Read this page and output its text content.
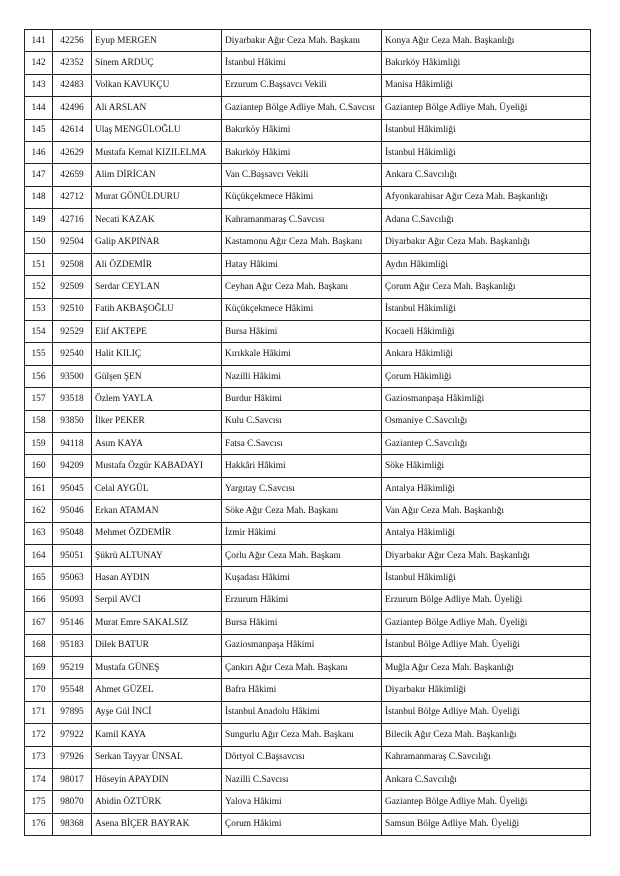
141	42256	Eyup MERGEN	Diyarbakır Ağır Ceza Mah. Başkanı	Konya Ağır Ceza Mah. Başkanlığı
142	42352	Sinem ARDUÇ	İstanbul Hâkimi	Bakırköy Hâkimliği
143	42483	Volkan KAVUKÇU	Erzurum C.Başsavcı Vekili	Manisa Hâkimliği
144	42496	Ali ARSLAN	Gaziantep Bölge Adliye Mah. C.Savcısı	Gaziantep Bölge Adliye Mah. Üyeliği
145	42614	Ulaş MENGÜLOĞLU	Bakırköy Hâkimi	İstanbul Hâkimliği
146	42629	Mustafa Kemal KIZILELMA	Bakırköy Hâkimi	İstanbul Hâkimliği
147	42659	Alim DİRİCAN	Van C.Başsavcı Vekili	Ankara C.Savcılığı
148	42712	Murat GÖNÜLDURU	Küçükçekmece Hâkimi	Afyonkarahisar Ağır Ceza Mah. Başkanlığı
149	42716	Necati KAZAK	Kahramanmaraş C.Savcısı	Adana C.Savcılığı
150	92504	Galip AKPINAR	Kastamonu Ağır Ceza Mah. Başkanı	Diyarbakır Ağır Ceza Mah. Başkanlığı
151	92508	Ali ÖZDEMİR	Hatay Hâkimi	Aydın Hâkimliği
152	92509	Serdar CEYLAN	Ceyhan Ağır Ceza Mah. Başkanı	Çorum Ağır Ceza Mah. Başkanlığı
153	92510	Fatih AKBAŞOĞLU	Küçükçekmece Hâkimi	İstanbul Hâkimliği
154	92529	Elif AKTEPE	Bursa Hâkimi	Kocaeli Hâkimliği
155	92540	Halit KILIÇ	Kırıkkale Hâkimi	Ankara Hâkimliği
156	93500	Gülşen ŞEN	Nazilli Hâkimi	Çorum Hâkimliği
157	93518	Özlem YAYLA	Burdur Hâkimi	Gaziosmanpaşa Hâkimliği
158	93850	İlker PEKER	Kulu C.Savcısı	Osmaniye C.Savcılığı
159	94118	Asım KAYA	Fatsa C.Savcısı	Gaziantep C.Savcılığı
160	94209	Mustafa Özgür KABADAYI	Hakkâri Hâkimi	Söke Hâkimliği
161	95045	Celal AYGÜL	Yargıtay C.Savcısı	Antalya Hâkimliği
162	95046	Erkan ATAMAN	Söke Ağır Ceza Mah. Başkanı	Van Ağır Ceza Mah. Başkanlığı
163	95048	Mehmet ÖZDEMİR	İzmir Hâkimi	Antalya Hâkimliği
164	95051	Şükrü ALTUNAY	Çorlu Ağır Ceza Mah. Başkanı	Diyarbakır Ağır Ceza Mah. Başkanlığı
165	95063	Hasan AYDIN	Kuşadası Hâkimi	İstanbul Hâkimliği
166	95093	Serpil AVCI	Erzurum Hâkimi	Erzurum Bölge Adliye Mah. Üyeliği
167	95146	Murat Emre SAKALSIZ	Bursa Hâkimi	Gaziantep Bölge Adliye Mah. Üyeliği
168	95183	Dilek BATUR	Gaziosmanpaşa Hâkimi	İstanbul Bölge Adliye Mah. Üyeliği
169	95219	Mustafa GÜNEŞ	Çankırı Ağır Ceza Mah. Başkanı	Muğla Ağır Ceza Mah. Başkanlığı
170	95548	Ahmet GÜZEL	Bafra Hâkimi	Diyarbakır Hâkimliği
171	97895	Ayşe Gül İNCİ	İstanbul Anadolu Hâkimi	İstanbul Bölge Adliye Mah. Üyeliği
172	97922	Kamil KAYA	Sungurlu Ağır Ceza Mah. Başkanı	Bilecik Ağır Ceza Mah. Başkanlığı
173	97926	Serkan Tayyar ÜNSAL	Dörtyol C.Başsavcısı	Kahramanmaraş C.Savcılığı
174	98017	Hüseyin APAYDIN	Nazilli C.Savcısı	Ankara C.Savcılığı
175	98070	Abidin ÖZTÜRK	Yalova Hâkimi	Gaziantep Bölge Adliye Mah. Üyeliği
176	98368	Asena BİÇER BAYRAK	Çorum Hâkimi	Samsun Bölge Adliye Mah. Üyeliği
